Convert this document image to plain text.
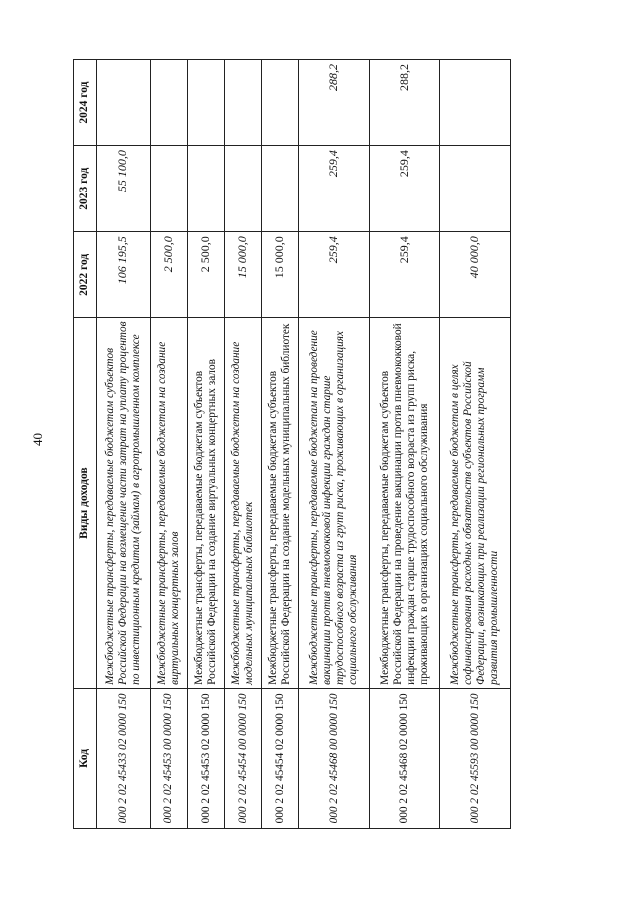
40
Код	Виды доходов	2022 год	2023 год	2024 год
000 2 02 45433 02 0000 150	Межбюджетные трансферты, передаваемые бюджетам субъектов Российской Федерации на возмещение части затрат на уплату процентов по инвестиционным кредитам (займам) в агропромышленном комплексе	106 195,5	55 100,0	
000 2 02 45453 00 0000 150	Межбюджетные трансферты, передаваемые бюджетам на создание виртуальных концертных залов	2 500,0		
000 2 02 45453 02 0000 150	Межбюджетные трансферты, передаваемые бюджетам субъектов Российской Федерации на создание виртуальных концертных залов	2 500,0		
000 2 02 45454 00 0000 150	Межбюджетные трансферты, передаваемые бюджетам на создание модельных муниципальных библиотек	15 000,0		
000 2 02 45454 02 0000 150	Межбюджетные трансферты, передаваемые бюджетам субъектов Российской Федерации на создание модельных муниципальных библиотек	15 000,0		
000 2 02 45468 00 0000 150	Межбюджетные трансферты, передаваемые бюджетам на проведение вакцинации против пневмококковой инфекции граждан старше трудоспособного возраста из групп риска, проживающих в организациях социального обслуживания	259,4	259,4	288,2
000 2 02 45468 02 0000 150	Межбюджетные трансферты, передаваемые бюджетам субъектов Российской Федерации на проведение вакцинации против пневмококковой инфекции граждан старше трудоспособного возраста из групп риска, проживающих в организациях социального обслуживания	259,4	259,4	288,2
000 2 02 45593 00 0000 150	Межбюджетные трансферты, передаваемые бюджетам в целях софинансирования расходных обязательств субъектов Российской Федерации, возникающих при реализации региональных программ развития промышленности	40 000,0		
